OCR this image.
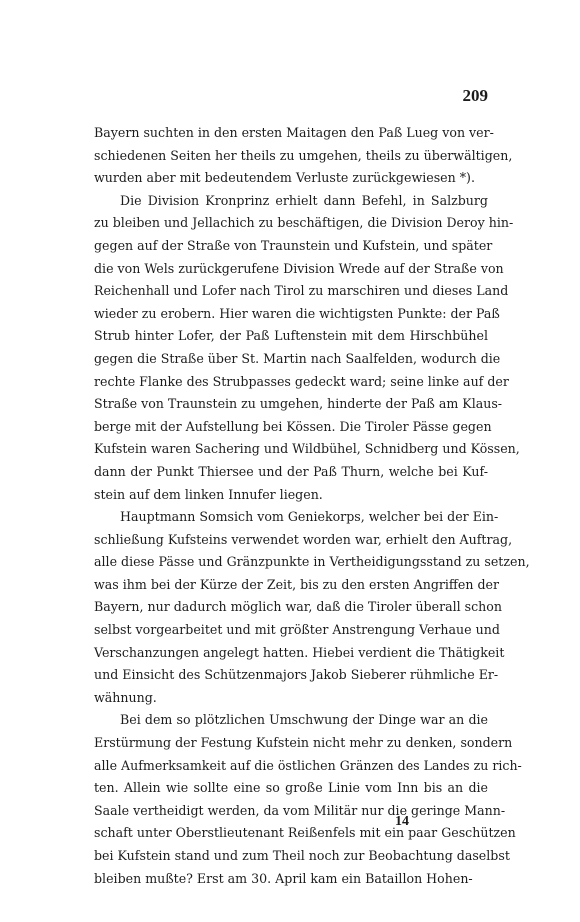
209

Bayern suchten in den ersten Maitagen den Paß Lueg von ver-
schiedenen Seiten her theils zu umgehen, theils zu überwältigen,
wurden aber mit bedeutendem Verluste zurückgewiesen *).

Die Division Kronprinz erhielt dann Befehl, in Salzburg
zu bleiben und Jellachich zu beschäftigen, die Division Deroy hin-
gegen auf der Straße von Traunstein und Kufstein, und später
die von Wels zurückgerufene Division Wrede auf der Straße von
Reichenhall und Lofer nach Tirol zu marschiren und dieses Land
wieder zu erobern. Hier waren die wichtigsten Punkte: der Paß
Strub hinter Lofer, der Paß Luftenstein mit dem Hirschbühel
gegen die Straße über St. Martin nach Saalfelden, wodurch die
rechte Flanke des Strubpasses gedeckt ward; seine linke auf der
Straße von Traunstein zu umgehen, hinderte der Paß am Klaus-
berge mit der Aufstellung bei Kössen. Die Tiroler Pässe gegen
Kufstein waren Sachering und Wildbühel, Schnidberg und Kössen,
dann der Punkt Thiersee und der Paß Thurn, welche bei Kuf-
stein auf dem linken Innufer liegen.

Hauptmann Somsich vom Geniekorps, welcher bei der Ein-
schließung Kufsteins verwendet worden war, erhielt den Auftrag,
alle diese Pässe und Gränzpunkte in Vertheidigungsstand zu setzen,
was ihm bei der Kürze der Zeit, bis zu den ersten Angriffen der
Bayern, nur dadurch möglich war, daß die Tiroler überall schon
selbst vorgearbeitet und mit größter Anstrengung Verhaue und
Verschanzungen angelegt hatten. Hiebei verdient die Thätigkeit
und Einsicht des Schützenmajors Jakob Sieberer rühmliche Er-
wähnung.

Bei dem so plötzlichen Umschwung der Dinge war an die
Erstürmung der Festung Kufstein nicht mehr zu denken, sondern
alle Aufmerksamkeit auf die östlichen Gränzen des Landes zu rich-
ten. Allein wie sollte eine so große Linie vom Inn bis an die
Saale vertheidigt werden, da vom Militär nur die geringe Mann-
schaft unter Oberstlieutenant Reißenfels mit ein paar Geschützen
bei Kufstein stand und zum Theil noch zur Beobachtung daselbst
bleiben mußte? Erst am 30. April kam ein Bataillon Hohen-

14
